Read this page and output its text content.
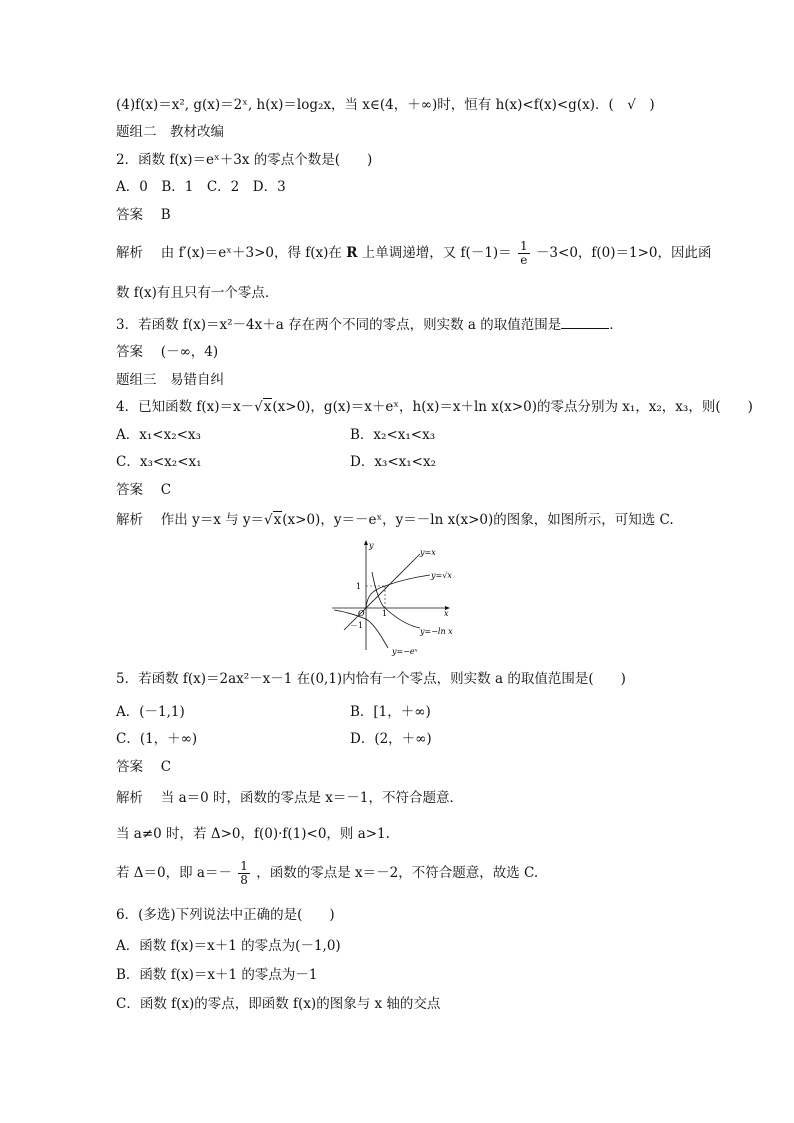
(4)f(x)＝x², g(x)＝2ˣ, h(x)＝log₂x，当 x∈(4，＋∞)时，恒有 h(x)<f(x)<g(x)．(　√　)
题组二　教材改编
2．函数 f(x)＝eˣ＋3x 的零点个数是(　　)
A．0　B．1　C．2　D．3
答案　 B
解析　 由 f′(x)＝eˣ＋3>0，得 f(x)在 R 上单调递增，又 $f(-1)= \frac{1}{e} -3<0$，f(0)＝1>0，因此函
数 f(x)有且只有一个零点．
3．若函数 f(x)＝x²－4x＋a 存在两个不同的零点，则实数 a 的取值范围是	．
答案　 (－∞，4)
题组三　易错自纠
4．已知函数 f(x)＝x－√x(x>0)，g(x)＝x＋eˣ，h(x)＝x＋ln x(x>0)的零点分别为 x₁，x₂，x₃，则(　　)
A．x₁<x₂<x₃	B．x₂<x₁<x₃
C．x₃<x₂<x₁	D．x₃<x₁<x₂
答案　 C
解析　 作出 y＝x 与 y＝√x(x>0)，y＝－eˣ，y＝－ln x(x>0)的图象，如图所示，可知选 C.
y
x
O
1
1
－1
y=x
y=√x
y=−ln x
y=−eˣ
5．若函数 f(x)＝2ax²－x－1 在(0,1)内恰有一个零点，则实数 a 的取值范围是(　　)
A．(－1,1)	B．[1，＋∞)
C．(1，＋∞)	D．(2，＋∞)
答案　 C
解析　 当 a＝0 时，函数的零点是 x＝－1，不符合题意．
当 a≠0 时，若 Δ>0，f(0)·f(1)<0，则 a>1.
若 Δ＝0，即 $a=- \frac{1}{8}$ ，函数的零点是 x＝－2，不符合题意，故选 C.
6．(多选)下列说法中正确的是(　　)
A．函数 f(x)＝x＋1 的零点为(－1,0)
B．函数 f(x)＝x＋1 的零点为－1
C．函数 f(x)的零点，即函数 f(x)的图象与 x 轴的交点
